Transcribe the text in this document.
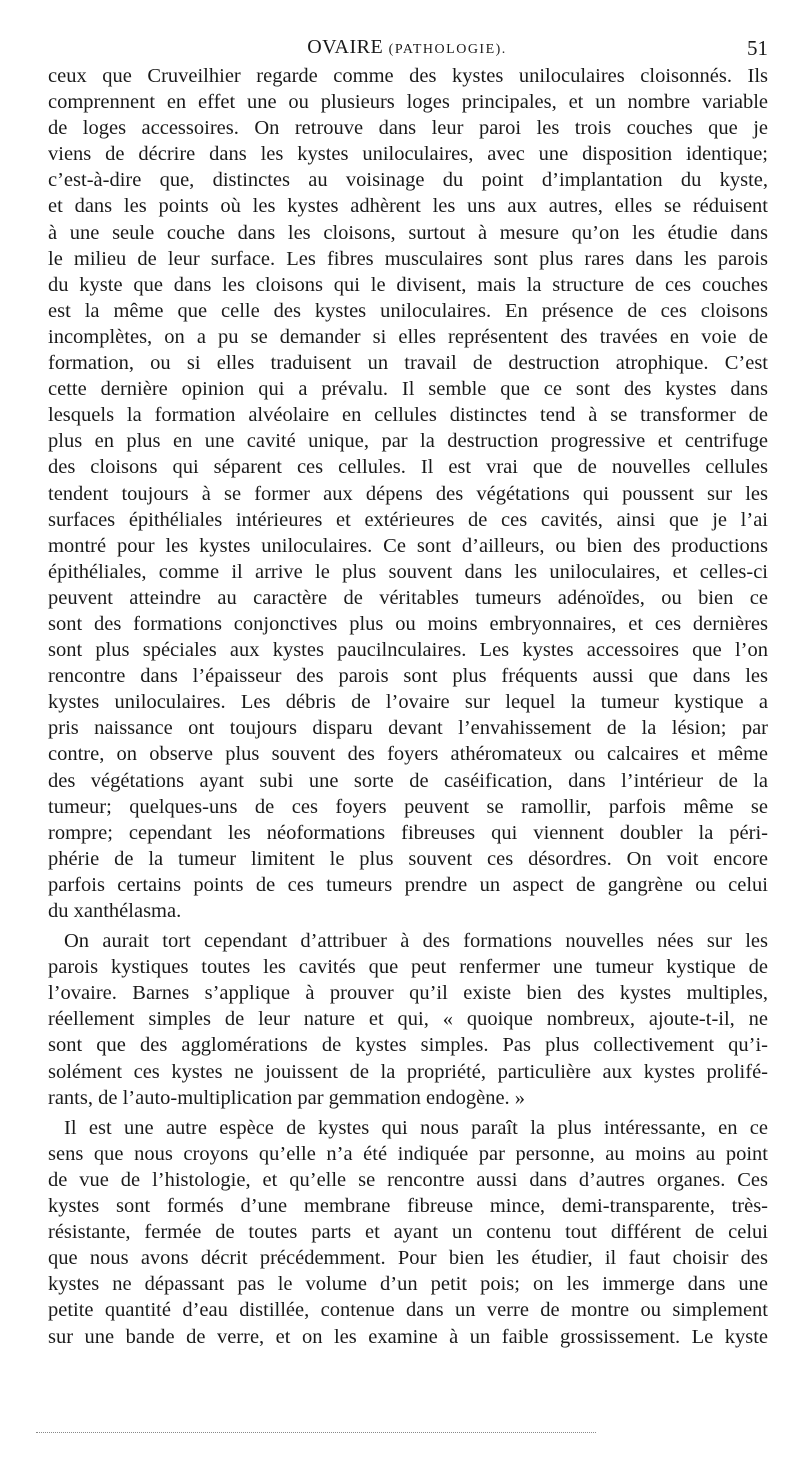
OVAIRE (PATHOLOGIE).	51
ceux que Cruveilhier regarde comme des kystes uniloculaires cloisonnés. Ils
comprennent en effet une ou plusieurs loges principales, et un nombre variable
de loges accessoires. On retrouve dans leur paroi les trois couches que je
viens de décrire dans les kystes uniloculaires, avec une disposition identique;
c’est-à-dire que, distinctes au voisinage du point d’implantation du kyste,
et dans les points où les kystes adhèrent les uns aux autres, elles se réduisent
à une seule couche dans les cloisons, surtout à mesure qu’on les étudie dans
le milieu de leur surface. Les fibres musculaires sont plus rares dans les parois
du kyste que dans les cloisons qui le divisent, mais la structure de ces couches
est la même que celle des kystes uniloculaires. En présence de ces cloisons
incomplètes, on a pu se demander si elles représentent des travées en voie de
formation, ou si elles traduisent un travail de destruction atrophique. C’est
cette dernière opinion qui a prévalu. Il semble que ce sont des kystes dans
lesquels la formation alvéolaire en cellules distinctes tend à se transformer de
plus en plus en une cavité unique, par la destruction progressive et centrifuge
des cloisons qui séparent ces cellules. Il est vrai que de nouvelles cellules
tendent toujours à se former aux dépens des végétations qui poussent sur les
surfaces épithéliales intérieures et extérieures de ces cavités, ainsi que je l’ai
montré pour les kystes uniloculaires. Ce sont d’ailleurs, ou bien des productions
épithéliales, comme il arrive le plus souvent dans les uniloculaires, et celles-ci
peuvent atteindre au caractère de véritables tumeurs adénoïdes, ou bien ce
sont des formations conjonctives plus ou moins embryonnaires, et ces dernières
sont plus spéciales aux kystes paucilnculaires. Les kystes accessoires que l’on
rencontre dans l’épaisseur des parois sont plus fréquents aussi que dans les
kystes uniloculaires. Les débris de l’ovaire sur lequel la tumeur kystique a
pris naissance ont toujours disparu devant l’envahissement de la lésion; par
contre, on observe plus souvent des foyers athéromateux ou calcaires et même
des végétations ayant subi une sorte de caséification, dans l’intérieur de la
tumeur; quelques-uns de ces foyers peuvent se ramollir, parfois même se
rompre; cependant les néoformations fibreuses qui viennent doubler la péri-
phérie de la tumeur limitent le plus souvent ces désordres. On voit encore
parfois certains points de ces tumeurs prendre un aspect de gangrène ou celui
du xanthélasma.
On aurait tort cependant d’attribuer à des formations nouvelles nées sur les
parois kystiques toutes les cavités que peut renfermer une tumeur kystique de
l’ovaire. Barnes s’applique à prouver qu’il existe bien des kystes multiples,
réellement simples de leur nature et qui, « quoique nombreux, ajoute-t-il, ne
sont que des agglomérations de kystes simples. Pas plus collectivement qu’i-
solément ces kystes ne jouissent de la propriété, particulière aux kystes prolifé-
rants, de l’auto-multiplication par gemmation endogène. »
Il est une autre espèce de kystes qui nous paraît la plus intéressante, en ce
sens que nous croyons qu’elle n’a été indiquée par personne, au moins au point
de vue de l’histologie, et qu’elle se rencontre aussi dans d’autres organes. Ces
kystes sont formés d’une membrane fibreuse mince, demi-transparente, très-
résistante, fermée de toutes parts et ayant un contenu tout différent de celui
que nous avons décrit précédemment. Pour bien les étudier, il faut choisir des
kystes ne dépassant pas le volume d’un petit pois; on les immerge dans une
petite quantité d’eau distillée, contenue dans un verre de montre ou simplement
sur une bande de verre, et on les examine à un faible grossissement. Le kyste
